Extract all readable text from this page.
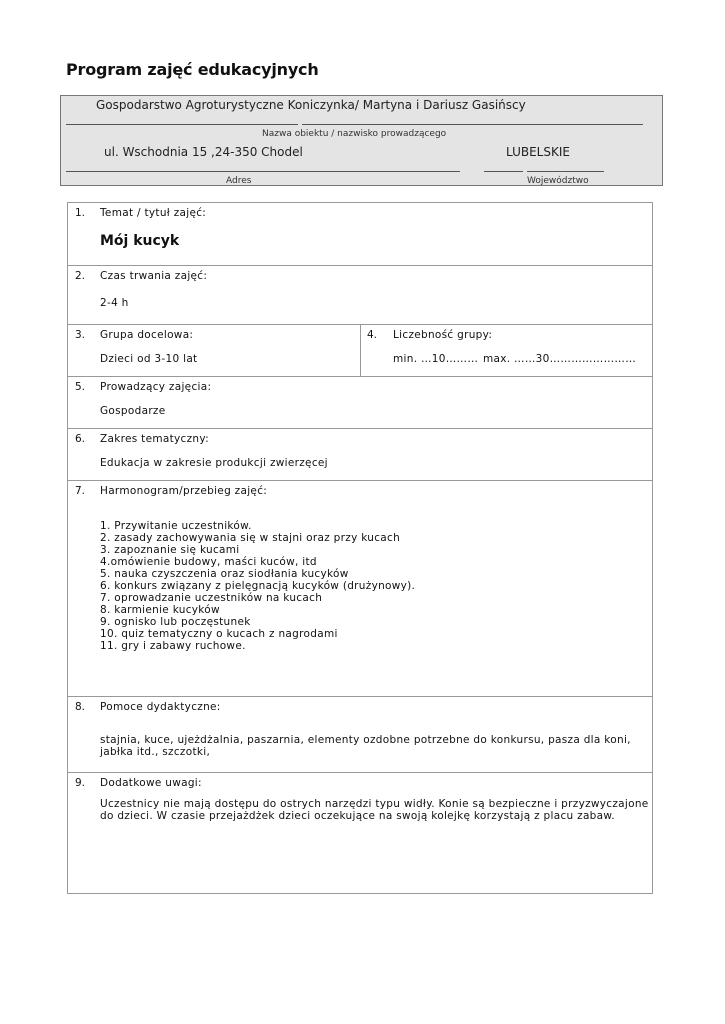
Program zajęć edukacyjnych
Gospodarstwo Agroturystyczne Koniczynka/ Martyna i Dariusz Gasińscy
Nazwa obiektu / nazwisko prowadzącego
ul. Wschodnia 15 ,24-350 Chodel	LUBELSKIE
Adres	Województwo
1. Temat / tytuł zajęć:
Mój kucyk
2. Czas trwania zajęć:
2-4 h
3. Grupa docelowa:
Dzieci od 3-10 lat
4. Liczebność grupy:
min. …10……… max. ……30……………………
5. Prowadzący zajęcia:
Gospodarze
6. Zakres tematyczny:
Edukacja w zakresie produkcji zwierzęcej
7. Harmonogram/przebieg zajęć:
1. Przywitanie uczestników.
2. zasady zachowywania się w stajni oraz przy kucach
3. zapoznanie się kucami
4.omówienie budowy, maści kuców, itd
5. nauka czyszczenia oraz siodłania kucyków
6. konkurs związany z pielęgnacją kucyków (drużynowy).
7. oprowadzanie uczestników na kucach
8. karmienie kucyków
9. ognisko lub poczęstunek
10. quiz tematyczny o kucach z nagrodami
11. gry i zabawy ruchowe.
8. Pomoce dydaktyczne:
stajnia, kuce, ujeżdżalnia, paszarnia, elementy ozdobne potrzebne do konkursu, pasza dla koni,
jabłka itd., szczotki,
9. Dodatkowe uwagi:
Uczestnicy nie mają dostępu do ostrych narzędzi typu widły. Konie są bezpieczne i przyzwyczajone
do dzieci. W czasie przejażdżek dzieci oczekujące na swoją kolejkę korzystają z placu zabaw.
